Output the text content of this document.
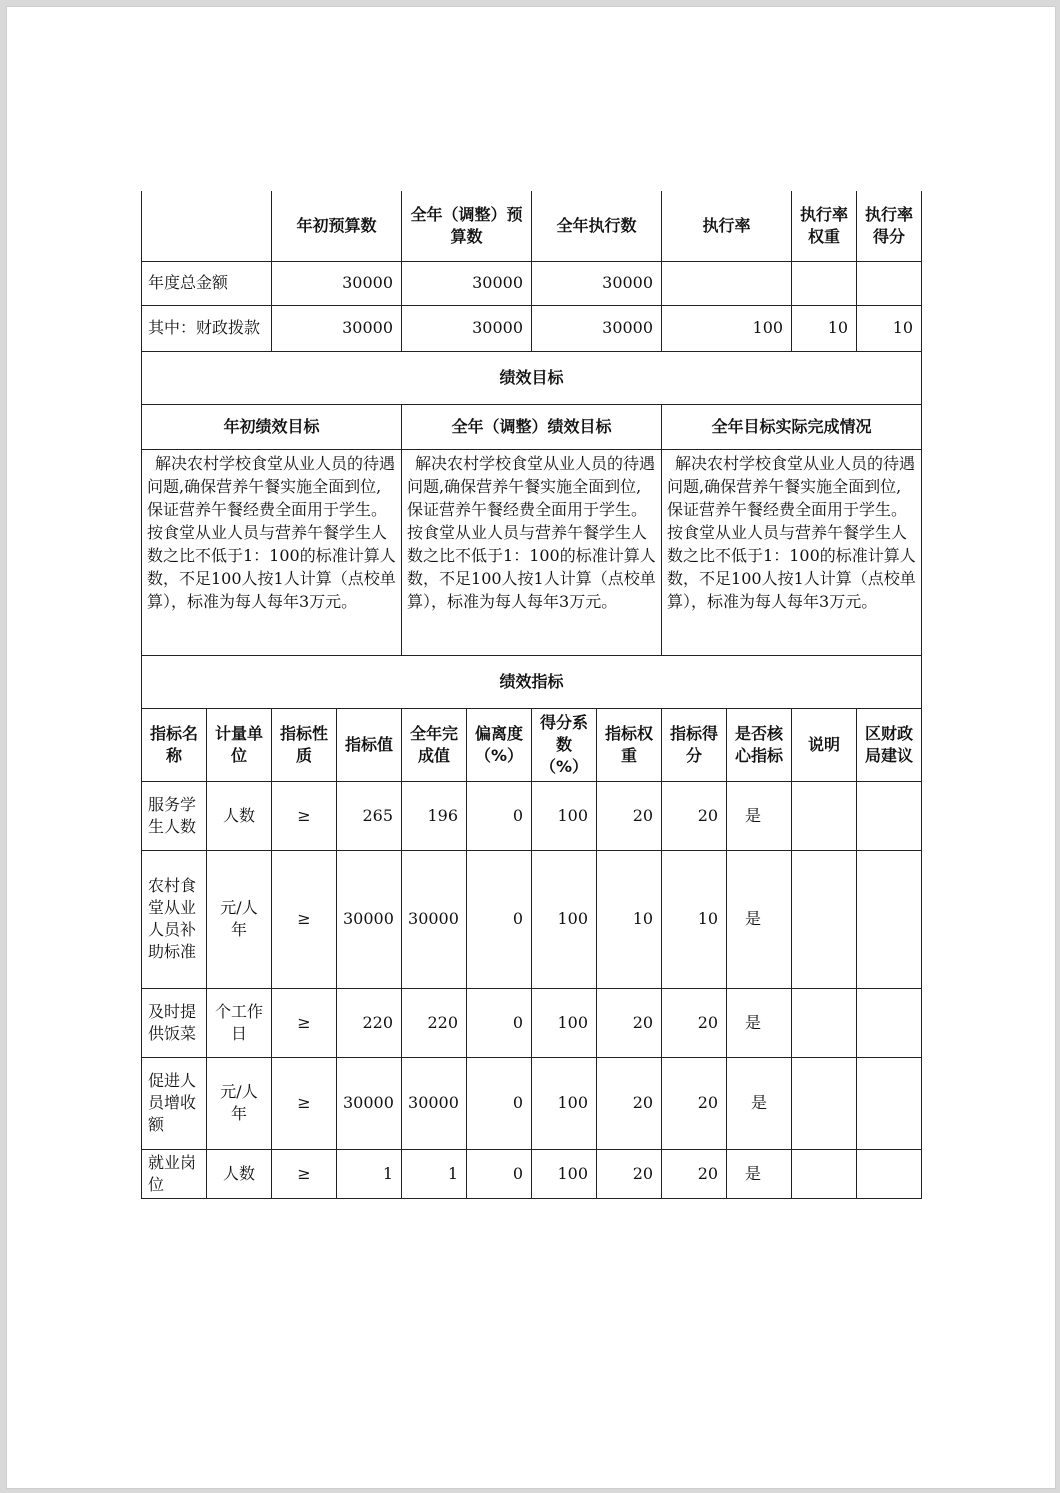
		年初预算数		全年（调整）预算数		全年执行数		执行率		执行率权重	执行率得分
年度总金额		30000		30000		30000					
其中：财政拨款		30000		30000		30000		100		10	10
绩效目标											
年初绩效目标				全年（调整）绩效目标				全年目标实际完成情况			
解决农村学校食堂从业人员的待遇问题,确保营养午餐实施全面到位,保证营养午餐经费全面用于学生。按食堂从业人员与营养午餐学生人数之比不低于1：100的标准计算人数，不足100人按1人计算（点校单算），标准为每人每年3万元。				解决农村学校食堂从业人员的待遇问题,确保营养午餐实施全面到位,保证营养午餐经费全面用于学生。按食堂从业人员与营养午餐学生人数之比不低于1：100的标准计算人数，不足100人按1人计算（点校单算），标准为每人每年3万元。				解决农村学校食堂从业人员的待遇问题,确保营养午餐实施全面到位,保证营养午餐经费全面用于学生。按食堂从业人员与营养午餐学生人数之比不低于1：100的标准计算人数，不足100人按1人计算（点校单算），标准为每人每年3万元。			
绩效指标											
指标名称	计量单位	指标性质	指标值	全年完成值	偏离度（%）	得分系数（%）	指标权重	指标得分	是否核心指标	说明	区财政局建议
服务学生人数	人数	≥	265	196	0	100	20	20	是		
农村食堂从业人员补助标准	元/人年	≥	30000	30000	0	100	10	10	是		
及时提供饭菜	个工作日	≥	220	220	0	100	20	20	是		
促进人员增收额	元/人年	≥	30000	30000	0	100	20	20	是		
就业岗位	人数	≥	1	1	0	100	20	20	是		
